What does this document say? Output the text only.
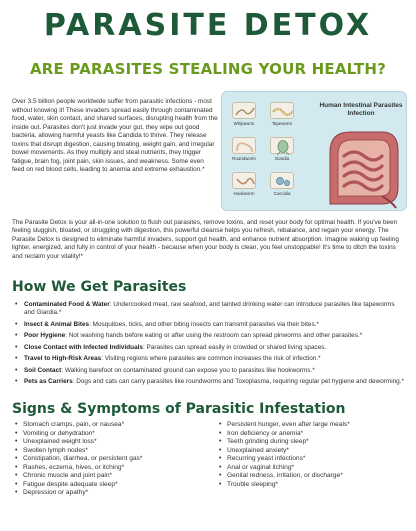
PARASITE DETOX
ARE PARASITES STEALING YOUR HEALTH?

Over 3.5 billion people worldwide suffer from parasitic infections - most without knowing it! These invaders spread easily through contaminated food, water, skin contact, and shared surfaces, disrupting health from the inside out. Parasites don't just invade your gut, they wipe out good bacteria, allowing harmful yeasts like Candida to thrive. They release toxins that disrupt digestion, causing bloating, weight gain, and irregular bowel movements. As they multiply and steal nutrients, they trigger fatigue, brain fog, joint pain, skin issues, and weakness. Some even feed on red blood cells, leading to anemia and extreme exhaustion.*

Human Intestinal Parasites Infection
Whipworm	Tapeworm
Roundworm	Giardia
Hookworm	Coccidia

The Parasite Detox is your all-in-one solution to flush out parasites, remove toxins, and reset your body for optimal health. If you've been feeling sluggish, bloated, or struggling with digestion, this powerful cleanse helps you refresh, rebalance, and regain your energy. The Parasite Detox is designed to eliminate harmful invaders, support gut health, and enhance nutrient absorption. Imagine waking up feeling lighter, energized, and fully in control of your health - because when your body is clean, you feel unstoppable! It's time to ditch the toxins and reclaim your vitality!*

How We Get Parasites
• Contaminated Food & Water: Undercooked meat, raw seafood, and tainted drinking water can introduce parasites like tapeworms and Giardia.*
• Insect & Animal Bites: Mosquitoes, ticks, and other biting insects can transmit parasites via their bites.*
• Poor Hygiene: Not washing hands before eating or after using the restroom can spread pinworms and other parasites.*
• Close Contact with Infected Individuals: Parasites can spread easily in crowded or shared living spaces.
• Travel to High-Risk Areas: Visiting regions where parasites are common increases the risk of infection.*
• Soil Contact: Walking barefoot on contaminated ground can expose you to parasites like hookworms.*
• Pets as Carriers: Dogs and cats can carry parasites like roundworms and Toxoplasma, requiring regular pet hygiene and deworming.*
Signs & Symptoms of Parasitic Infestation
• Stomach cramps, pain, or nausea*
• Vomiting or dehydration*
• Unexplained weight loss*
• Swollen lymph nodes*
• Constipation, diarrhea, or persistent gas*
• Rashes, eczema, hives, or itching*
• Chronic muscle and joint pain*
• Fatigue despite adequate sleep*
• Depression or apathy*
• Persistent hunger, even after large meals*
• Iron deficiency or anemia*
• Teeth grinding during sleep*
• Unexplained anxiety*
• Recurring yeast infections*
• Anal or vaginal itching*
• Genital redness, irritation, or discharge*
• Trouble sleeping*
